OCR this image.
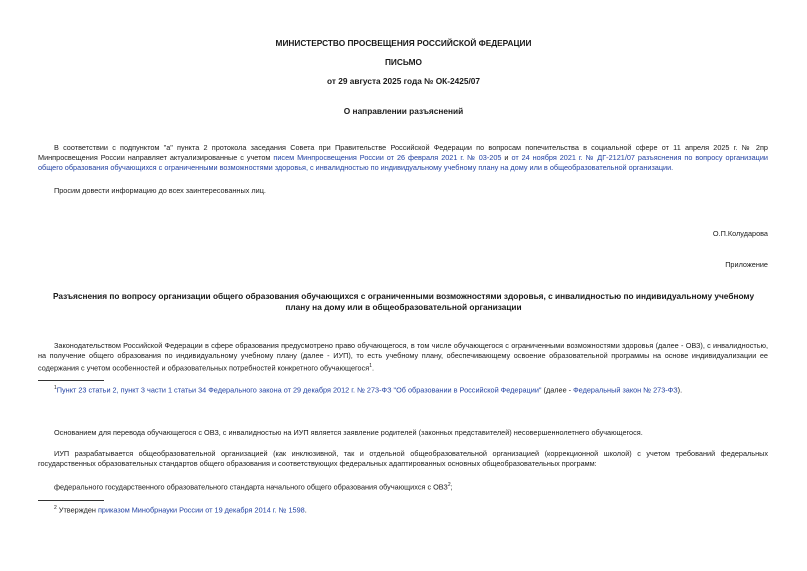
МИНИСТЕРСТВО ПРОСВЕЩЕНИЯ РОССИЙСКОЙ ФЕДЕРАЦИИ
ПИСЬМО
от 29 августа 2025 года № ОК-2425/07
О направлении разъяснений
В соответствии с подпунктом "а" пункта 2 протокола заседания Совета при Правительстве Российской Федерации по вопросам попечительства в социальной сфере от 11 апреля 2025 г. № 2пр Минпросвещения России направляет актуализированные с учетом писем Минпросвещения России от 26 февраля 2021 г. № 03-205 и от 24 ноября 2021 г. № ДГ-2121/07 разъяснения по вопросу организации общего образования обучающихся с ограниченными возможностями здоровья, с инвалидностью по индивидуальному учебному плану на дому или в общеобразовательной организации.
Просим довести информацию до всех заинтересованных лиц.
О.П.Колударова
Приложение
Разъяснения по вопросу организации общего образования обучающихся с ограниченными возможностями здоровья, с инвалидностью по индивидуальному учебному плану на дому или в общеобразовательной организации
Законодательством Российской Федерации в сфере образования предусмотрено право обучающегося, в том числе обучающегося с ограниченными возможностями здоровья (далее - ОВЗ), с инвалидностью, на получение общего образования по индивидуальному учебному плану (далее - ИУП), то есть учебному плану, обеспечивающему освоение образовательной программы на основе индивидуализации ее содержания с учетом особенностей и образовательных потребностей конкретного обучающегося$^1$.
$^1$Пункт 23 статьи 2, пункт 3 части 1 статьи 34 Федерального закона от 29 декабря 2012 г. № 273-ФЗ "Об образовании в Российской Федерации" (далее - Федеральный закон № 273-ФЗ).
Основанием для перевода обучающегося с ОВЗ, с инвалидностью на ИУП является заявление родителей (законных представителей) несовершеннолетнего обучающегося.
ИУП разрабатывается общеобразовательной организацией (как инклюзивной, так и отдельной общеобразовательной организацией (коррекционной школой) с учетом требований федеральных государственных образовательных стандартов общего образования и соответствующих федеральных адаптированных основных общеобразовательных программ:
федерального государственного образовательного стандарта начального общего образования обучающихся с ОВЗ$^2$;
$^2$ Утвержден приказом Минобрнауки России от 19 декабря 2014 г. № 1598.
